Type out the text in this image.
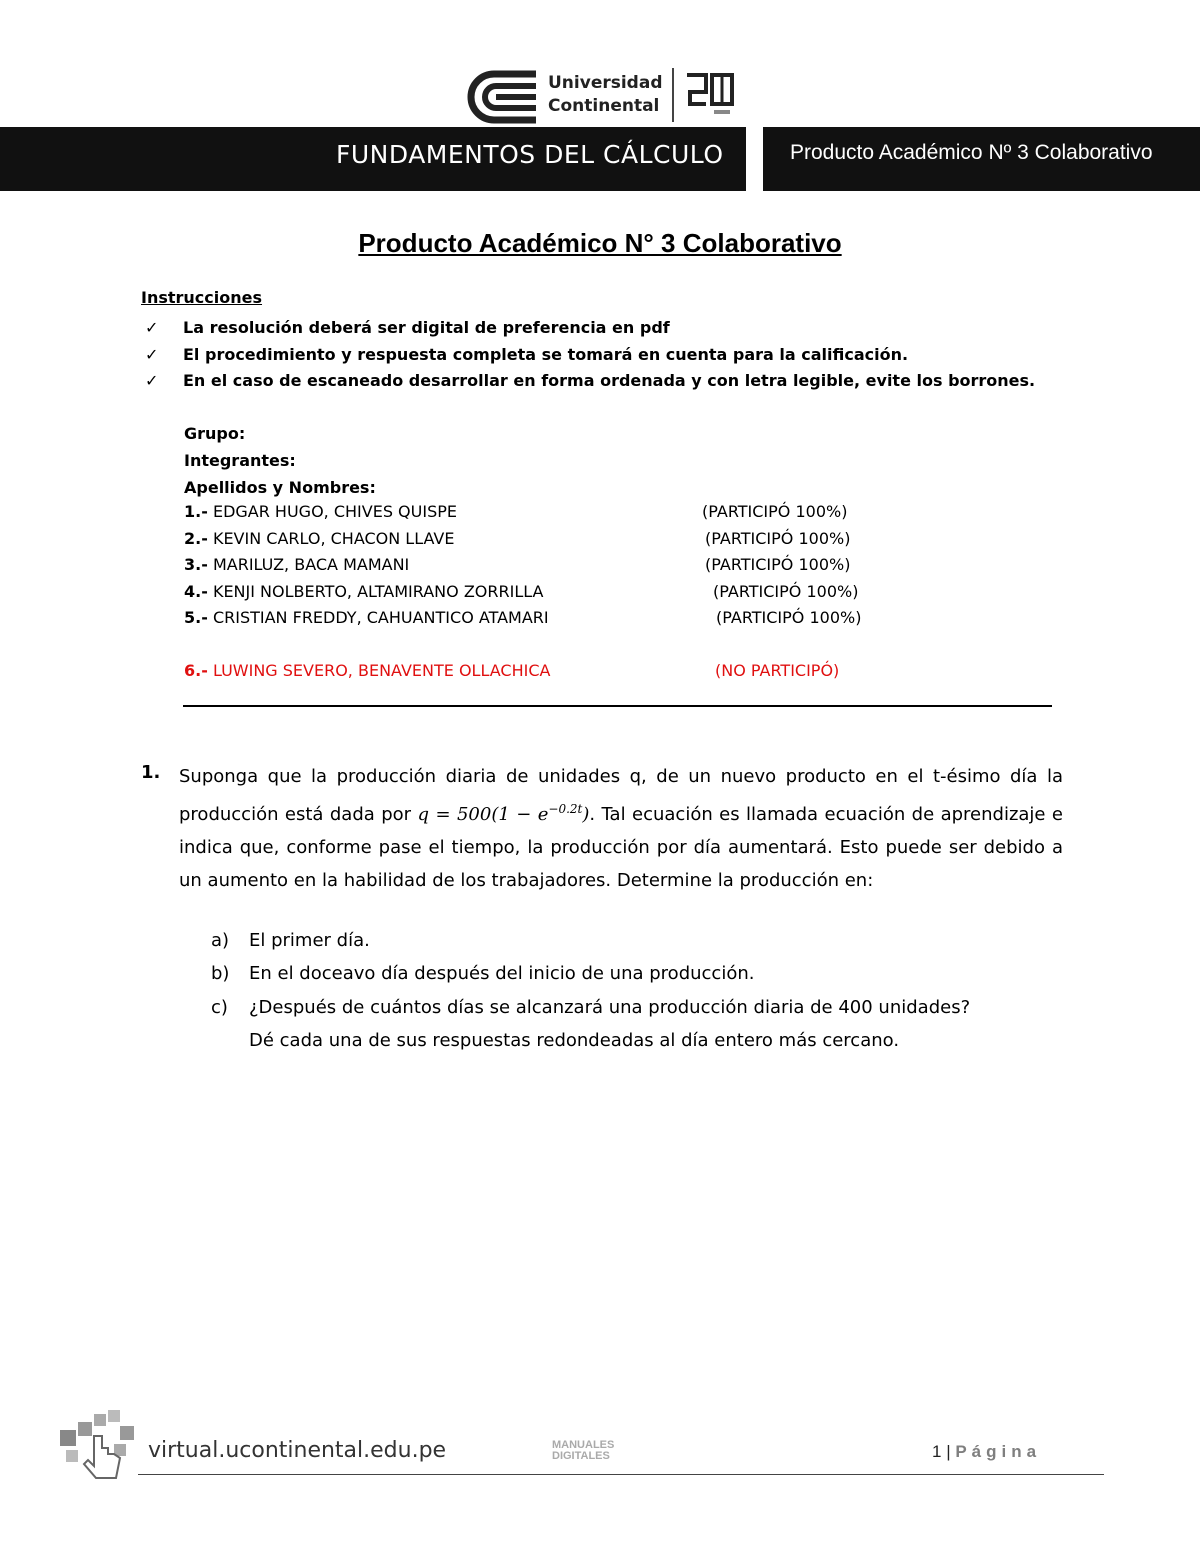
Universidad
Continental
FUNDAMENTOS DEL CÁLCULO	Producto Académico Nº 3 Colaborativo
Producto Académico N° 3 Colaborativo
Instrucciones
✓ La resolución deberá ser digital de preferencia en pdf
✓ El procedimiento y respuesta completa se tomará en cuenta para la calificación.
✓ En el caso de escaneado desarrollar en forma ordenada y con letra legible, evite los borrones.
Grupo:
Integrantes:
Apellidos y Nombres:
1.- EDGAR HUGO, CHIVES QUISPE	(PARTICIPÓ 100%)
2.- KEVIN CARLO, CHACON LLAVE	(PARTICIPÓ 100%)
3.- MARILUZ, BACA MAMANI	(PARTICIPÓ 100%)
4.- KENJI NOLBERTO, ALTAMIRANO ZORRILLA	(PARTICIPÓ 100%)
5.- CRISTIAN FREDDY, CAHUANTICO ATAMARI	(PARTICIPÓ 100%)
6.- LUWING SEVERO, BENAVENTE OLLACHICA	(NO PARTICIPÓ)
1. Suponga que la producción diaria de unidades q, de un nuevo producto en el t-ésimo día la producción está dada por $q = 500(1 - e^{-0.2t})$. Tal ecuación es llamada ecuación de aprendizaje e indica que, conforme pase el tiempo, la producción por día aumentará. Esto puede ser debido a un aumento en la habilidad de los trabajadores. Determine la producción en:
a) El primer día.
b) En el doceavo día después del inicio de una producción.
c) ¿Después de cuántos días se alcanzará una producción diaria de 400 unidades?
Dé cada una de sus respuestas redondeadas al día entero más cercano.
virtual.ucontinental.edu.pe	MANUALES
DIGITALES	1 | Página
